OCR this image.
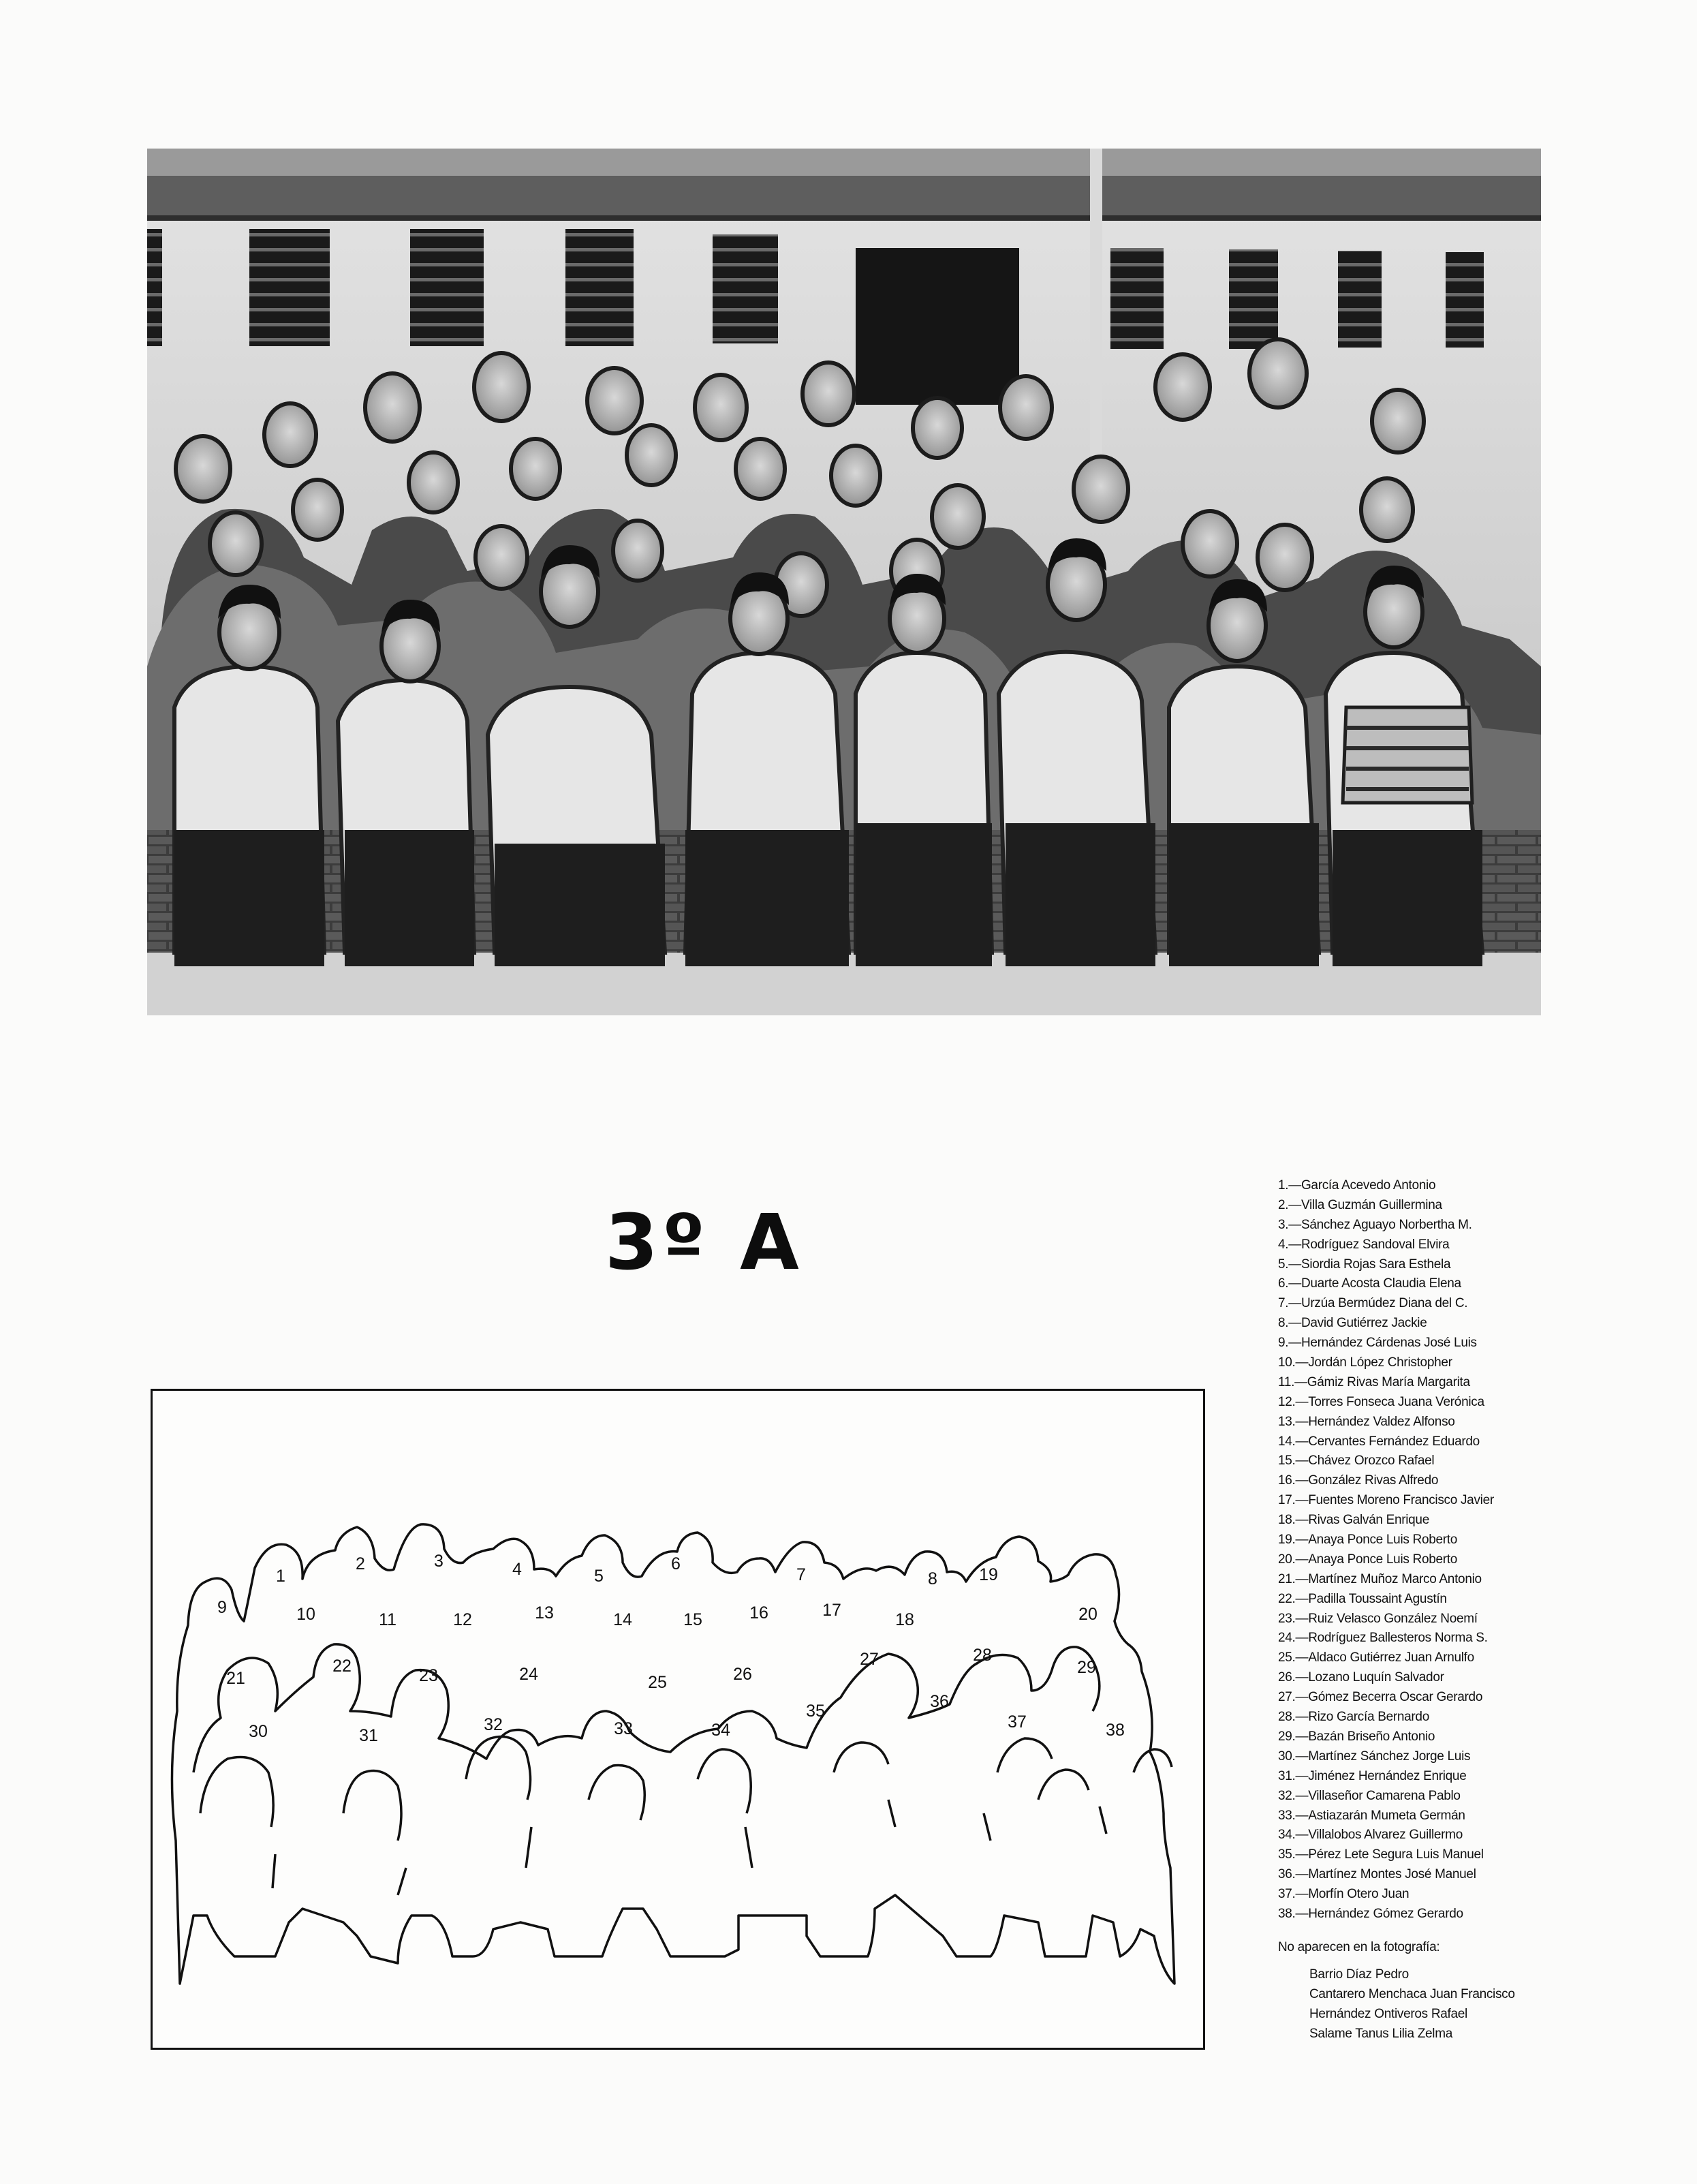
3º A
1
2	3	4	5
6
7	8
9	10	11	12	13	14	15	16	17	18
19
20
21
22	23	24	25	26
27	28
29
30	31
32	33	34
35	36
37	38
1.—García Acevedo Antonio
2.—Villa Guzmán Guillermina
3.—Sánchez Aguayo Norbertha M.
4.—Rodríguez Sandoval Elvira
5.—Siordia Rojas Sara Esthela
6.—Duarte Acosta Claudia Elena
7.—Urzúa Bermúdez Diana del C.
8.—David Gutiérrez Jackie
9.—Hernández Cárdenas José Luis
10.—Jordán López Christopher
11.—Gámiz Rivas María Margarita
12.—Torres Fonseca Juana Verónica
13.—Hernández Valdez Alfonso
14.—Cervantes Fernández Eduardo
15.—Chávez Orozco Rafael
16.—González Rivas Alfredo
17.—Fuentes Moreno Francisco Javier
18.—Rivas Galván Enrique
19.—Anaya Ponce Luis Roberto
20.—Anaya Ponce Luis Roberto
21.—Martínez Muñoz Marco Antonio
22.—Padilla Toussaint Agustín
23.—Ruiz Velasco González Noemí
24.—Rodríguez Ballesteros Norma S.
25.—Aldaco Gutiérrez Juan Arnulfo
26.—Lozano Luquín Salvador
27.—Gómez Becerra Oscar Gerardo
28.—Rizo García Bernardo
29.—Bazán Briseño Antonio
30.—Martínez Sánchez Jorge Luis
31.—Jiménez Hernández Enrique
32.—Villaseñor Camarena Pablo
33.—Astiazarán Mumeta Germán
34.—Villalobos Alvarez Guillermo
35.—Pérez Lete Segura Luis Manuel
36.—Martínez Montes José Manuel
37.—Morfín Otero Juan
38.—Hernández Gómez Gerardo
No aparecen en la fotografía:
Barrio Díaz Pedro
Cantarero Menchaca Juan Francisco
Hernández Ontiveros Rafael
Salame Tanus Lilia Zelma
